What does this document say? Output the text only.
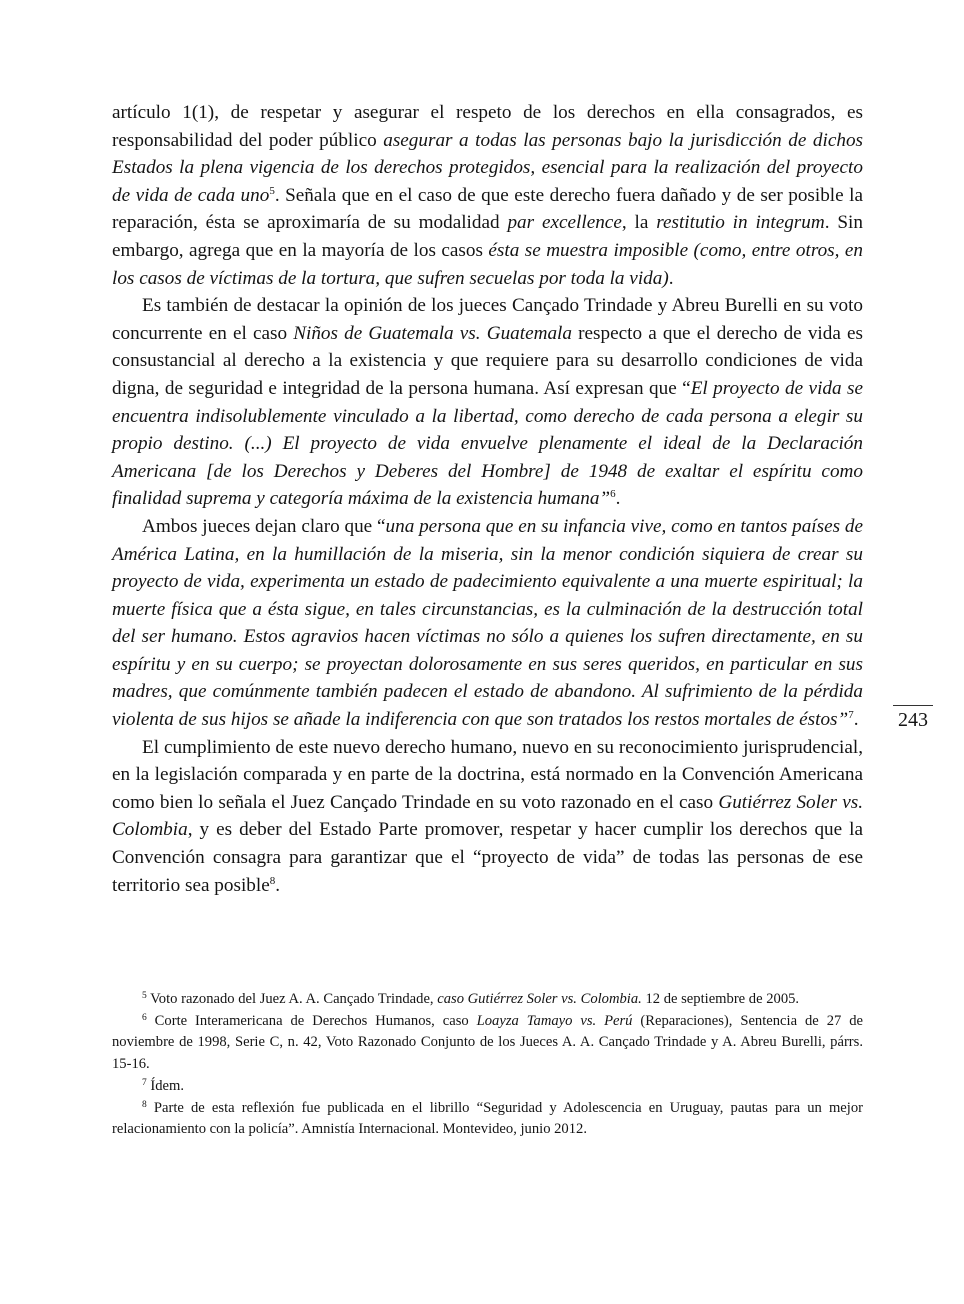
artículo 1(1), de respetar y asegurar el respeto de los derechos en ella consagrados, es responsabilidad del poder público asegurar a todas las personas bajo la jurisdicción de dichos Estados la plena vigencia de los derechos protegidos, esencial para la realización del proyecto de vida de cada uno$^5$. Señala que en el caso de que este derecho fuera dañado y de ser posible la reparación, ésta se aproximaría de su modalidad par excellence, la restitutio in integrum. Sin embargo, agrega que en la mayoría de los casos ésta se muestra imposible (como, entre otros, en los casos de víctimas de la tortura, que sufren secuelas por toda la vida).

Es también de destacar la opinión de los jueces Cançado Trindade y Abreu Burelli en su voto concurrente en el caso Niños de Guatemala vs. Guatemala respecto a que el derecho de vida es consustancial al derecho a la existencia y que requiere para su desarrollo condiciones de vida digna, de seguridad e integridad de la persona humana. Así expresan que “El proyecto de vida se encuentra indisolublemente vinculado a la libertad, como derecho de cada persona a elegir su propio destino. (...) El proyecto de vida envuelve plenamente el ideal de la Declaración Americana [de los Derechos y Deberes del Hombre] de 1948 de exaltar el espíritu como finalidad suprema y categoría máxima de la existencia humana”$^6$.

Ambos jueces dejan claro que “una persona que en su infancia vive, como en tantos países de América Latina, en la humillación de la miseria, sin la menor condición siquiera de crear su proyecto de vida, experimenta un estado de padecimiento equivalente a una muerte espiritual; la muerte física que a ésta sigue, en tales circunstancias, es la culminación de la destrucción total del ser humano. Estos agravios hacen víctimas no sólo a quienes los sufren directamente, en su espíritu y en su cuerpo; se proyectan dolorosamente en sus seres queridos, en particular en sus madres, que comúnmente también padecen el estado de abandono. Al sufrimiento de la pérdida violenta de sus hijos se añade la indiferencia con que son tratados los restos mortales de éstos”$^7$.

El cumplimiento de este nuevo derecho humano, nuevo en su reconocimiento jurisprudencial, en la legislación comparada y en parte de la doctrina, está normado en la Convención Americana como bien lo señala el Juez Cançado Trindade en su voto razonado en el caso Gutiérrez Soler vs. Colombia, y es deber del Estado Parte promover, respetar y hacer cumplir los derechos que la Convención consagra para garantizar que el “proyecto de vida” de todas las personas de ese territorio sea posible$^8$.

$^5$ Voto razonado del Juez A. A. Cançado Trindade, caso Gutiérrez Soler vs. Colombia. 12 de septiembre de 2005.

$^6$ Corte Interamericana de Derechos Humanos, caso Loayza Tamayo vs. Perú (Reparaciones), Sentencia de 27 de noviembre de 1998, Serie C, n. 42, Voto Razonado Conjunto de los Jueces A. A. Cançado Trindade y A. Abreu Burelli, párrs. 15-16.

$^7$ Ídem.

$^8$ Parte de esta reflexión fue publicada en el librillo “Seguridad y Adolescencia en Uruguay, pautas para un mejor relacionamiento con la policía”. Amnistía Internacional. Montevideo, junio 2012.

243
